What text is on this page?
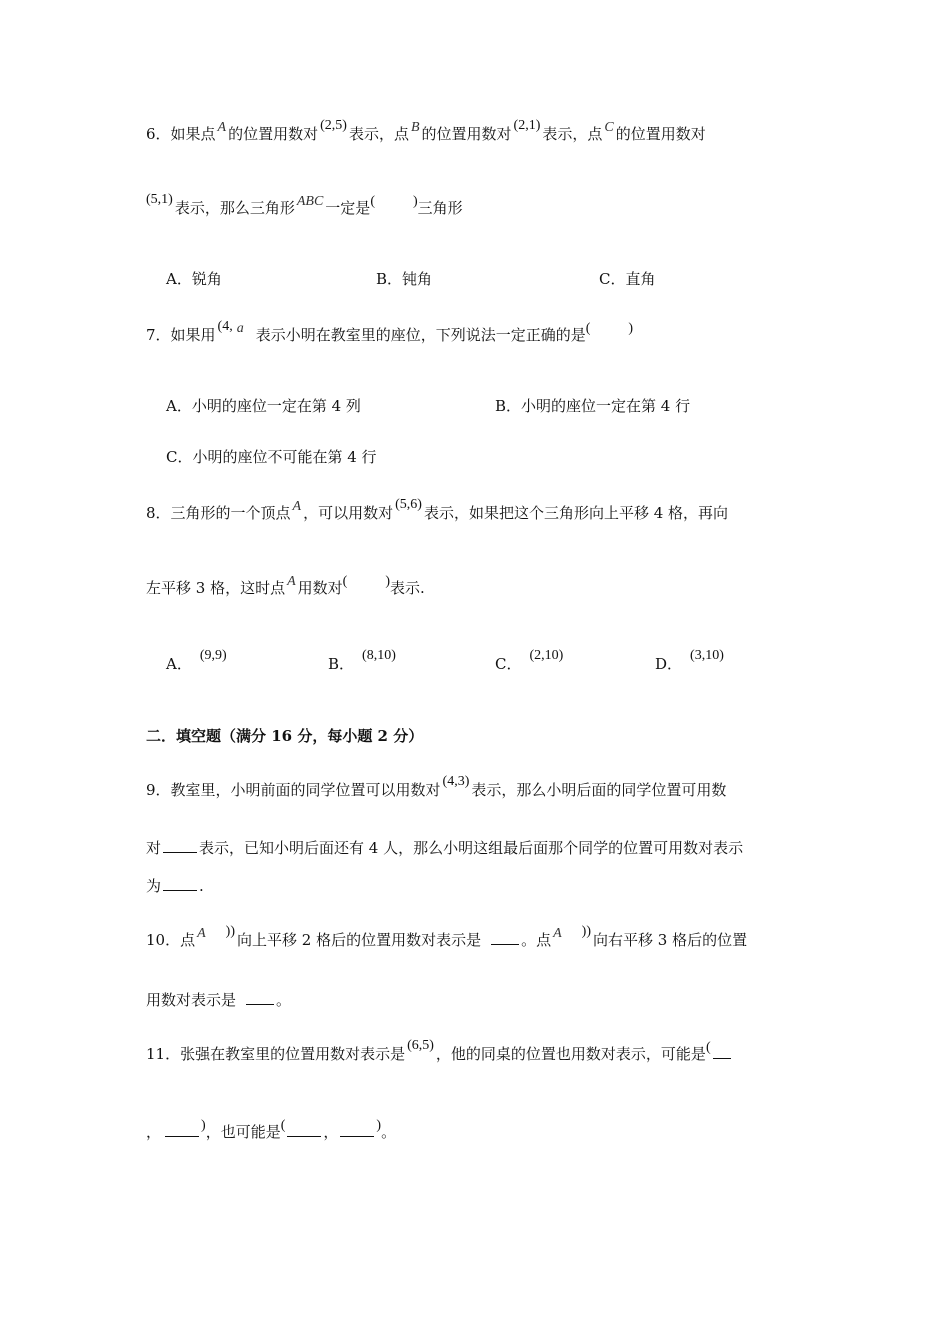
6．如果点 A 的位置用数对 (2,5) 表示，点 B 的位置用数对 (2,1) 表示，点 C 的位置用数对
(5,1) 表示，那么三角形 ABC 一定是(	)三角形
A．锐角	B．钝角	C．直角
7．如果用 (4, a 表示小明在教室里的座位，下列说法一定正确的是(	)
A．小明的座位一定在第 4 列	B．小明的座位一定在第 4 行
C．小明的座位不可能在第 4 行
8．三角形的一个顶点 A ，可以用数对 (5,6) 表示，如果把这个三角形向上平移 4 格，再向
左平移 3 格，这时点 A 用数对(	)表示.
A． (9,9)	B． (8,10)	C． (2,10)	D． (3,10)
二．填空题（满分 16 分，每小题 2 分）
9．教室里，小明前面的同学位置可以用数对 (4,3) 表示，那么小明后面的同学位置可用数
对	表示，已知小明后面还有 4 人，那么小明这组最后面那个同学的位置可用数对表示
为	.
10．点 A )) 向上平移 2 格后的位置用数对表示是	。点 A )) 向右平移 3 格后的位置
用数对表示是	。
11．张强在教室里的位置用数对表示是 (6,5) ，他的同桌的位置也用数对表示，可能是(
，	)，也可能是(	，	)。
